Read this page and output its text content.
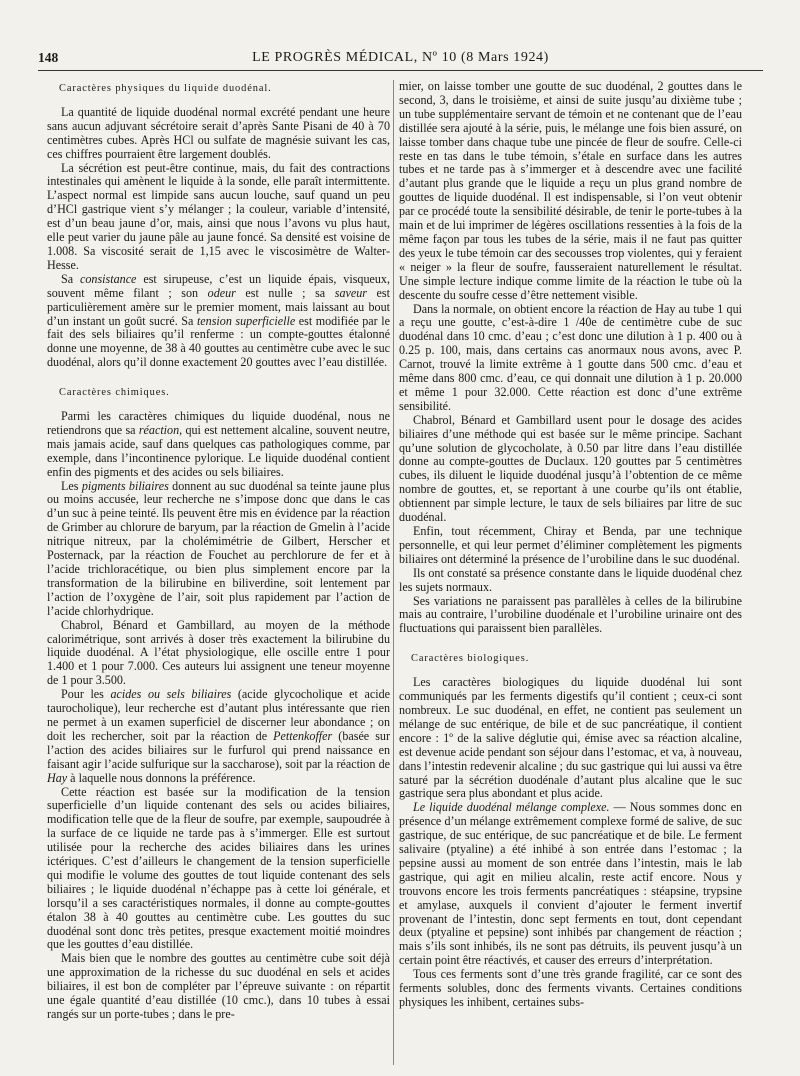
148	LE PROGRÈS MÉDICAL, Nº 10 (8 Mars 1924)
Caractères physiques du liquide duodénal.

La quantité de liquide duodénal normal excrété pendant une heure sans aucun adjuvant sécrétoire serait d’après Sante Pisani de 40 à 70 centimètres cubes. Après HCl ou sulfate de magnésie suivant les cas, ces chiffres pourraient être largement doublés.

La sécrétion est peut-être continue, mais, du fait des contractions intestinales qui amènent le liquide à la sonde, elle paraît intermittente. L’aspect normal est limpide sans aucun louche, sauf quand un peu d’HCl gastrique vient s’y mélanger ; la couleur, variable d’intensité, est d’un beau jaune d’or, mais, ainsi que nous l’avons vu plus haut, elle peut varier du jaune pâle au jaune foncé. Sa densité est voisine de 1.008. Sa viscosité serait de 1,15 avec le viscosimètre de Walter-Hesse.

Sa consistance est sirupeuse, c’est un liquide épais, visqueux, souvent même filant ; son odeur est nulle ; sa saveur est particulièrement amère sur le premier moment, mais laissant au bout d’un instant un goût sucré. Sa tension superficielle est modifiée par le fait des sels biliaires qu’il renferme : un compte-gouttes étalonné donne une moyenne, de 38 à 40 gouttes au centimètre cube avec le suc duodénal, alors qu’il donne exactement 20 gouttes avec l’eau distillée.

Caractères chimiques.

Parmi les caractères chimiques du liquide duodénal, nous ne retiendrons que sa réaction, qui est nettement alcaline, souvent neutre, mais jamais acide, sauf dans quelques cas pathologiques comme, par exemple, dans l’incontinence pylorique. Le liquide duodénal contient enfin des pigments et des acides ou sels biliaires.

Les pigments biliaires donnent au suc duodénal sa teinte jaune plus ou moins accusée, leur recherche ne s’impose donc que dans le cas d’un suc à peine teinté. Ils peuvent être mis en évidence par la réaction de Grimber au chlorure de baryum, par la réaction de Gmelin à l’acide nitrique nitreux, par la cholémimétrie de Gilbert, Herscher et Posternack, par la réaction de Fouchet au perchlorure de fer et à l’acide trichloracétique, ou bien plus simplement encore par la transformation de la bilirubine en biliverdine, soit lentement par l’action de l’oxygène de l’air, soit plus rapidement par l’action de l’acide chlorhydrique.

Chabrol, Bénard et Gambillard, au moyen de la méthode calorimétrique, sont arrivés à doser très exactement la bilirubine du liquide duodénal. A l’état physiologique, elle oscille entre 1 pour 1.400 et 1 pour 7.000. Ces auteurs lui assignent une teneur moyenne de 1 pour 3.500.

Pour les acides ou sels biliaires (acide glycocholique et acide taurocholique), leur recherche est d’autant plus intéressante que rien ne permet à un examen superficiel de discerner leur abondance ; on doit les rechercher, soit par la réaction de Pettenkoffer (basée sur l’action des acides biliaires sur le furfurol qui prend naissance en faisant agir l’acide sulfurique sur la saccharose), soit par la réaction de Hay à laquelle nous donnons la préférence.

Cette réaction est basée sur la modification de la tension superficielle d’un liquide contenant des sels ou acides biliaires, modification telle que de la fleur de soufre, par exemple, saupoudrée à la surface de ce liquide ne tarde pas à s’immerger. Elle est surtout utilisée pour la recherche des acides biliaires dans les urines ictériques. C’est d’ailleurs le changement de la tension superficielle qui modifie le volume des gouttes de tout liquide contenant des sels biliaires ; le liquide duodénal n’échappe pas à cette loi générale, et lorsqu’il a ses caractéristiques normales, il donne au compte-gouttes étalon 38 à 40 gouttes au centimètre cube. Les gouttes du suc duodénal sont donc très petites, presque exactement moitié moindres que les gouttes d’eau distillée.

Mais bien que le nombre des gouttes au centimètre cube soit déjà une approximation de la richesse du suc duodénal en sels et acides biliaires, il est bon de compléter par l’épreuve suivante : on répartit une égale quantité d’eau distillée (10 cmc.), dans 10 tubes à essai rangés sur un porte-tubes ; dans le pre-

mier, on laisse tomber une goutte de suc duodénal, 2 gouttes dans le second, 3, dans le troisième, et ainsi de suite jusqu’au dixième tube ; un tube supplémentaire servant de témoin et ne contenant que de l’eau distillée sera ajouté à la série, puis, le mélange une fois bien assuré, on laisse tomber dans chaque tube une pincée de fleur de soufre. Celle-ci reste en tas dans le tube témoin, s’étale en surface dans les autres tubes et ne tarde pas à s’immerger et à descendre avec une facilité d’autant plus grande que le liquide a reçu un plus grand nombre de gouttes de liquide duodénal. Il est indispensable, si l’on veut obtenir par ce procédé toute la sensibilité désirable, de tenir le porte-tubes à la main et de lui imprimer de légères oscillations ressenties à la fois de la même façon par tous les tubes de la série, mais il ne faut pas quitter des yeux le tube témoin car des secousses trop violentes, qui y feraient « neiger » la fleur de soufre, fausseraient naturellement le résultat. Une simple lecture indique comme limite de la réaction le tube où la descente du soufre cesse d’être nettement visible.

Dans la normale, on obtient encore la réaction de Hay au tube 1 qui a reçu une goutte, c’est-à-dire 1 /40e de centimètre cube de suc duodénal dans 10 cmc. d’eau ; c’est donc une dilution à 1 p. 400 ou à 0.25 p. 100, mais, dans certains cas anormaux nous avons, avec P. Carnot, trouvé la limite extrême à 1 goutte dans 500 cmc. d’eau et même dans 800 cmc. d’eau, ce qui donnait une dilution à 1 p. 20.000 et même 1 pour 32.000. Cette réaction est donc d’une extrême sensibilité.

Chabrol, Bénard et Gambillard usent pour le dosage des acides biliaires d’une méthode qui est basée sur le même principe. Sachant qu’une solution de glycocholate, à 0.50 par litre dans l’eau distillée donne au compte-gouttes de Duclaux. 120 gouttes par 5 centimètres cubes, ils diluent le liquide duodénal jusqu’à l’obtention de ce même nombre de gouttes, et, se reportant à une courbe qu’ils ont établie, obtiennent par simple lecture, le taux de sels biliaires par litre de suc duodénal.

Enfin, tout récemment, Chiray et Benda, par une technique personnelle, et qui leur permet d’éliminer complètement les pigments biliaires ont déterminé la présence de l’urobiline dans le suc duodénal.

Ils ont constaté sa présence constante dans le liquide duodénal chez les sujets normaux.

Ses variations ne paraissent pas parallèles à celles de la bilirubine mais au contraire, l’urobiline duodénale et l’urobiline urinaire ont des fluctuations qui paraissent bien parallèles.

Caractères biologiques.

Les caractères biologiques du liquide duodénal lui sont communiqués par les ferments digestifs qu’il contient ; ceux-ci sont nombreux. Le suc duodénal, en effet, ne contient pas seulement un mélange de suc entérique, de bile et de suc pancréatique, il contient encore : 1º de la salive déglutie qui, émise avec sa réaction alcaline, est devenue acide pendant son séjour dans l’estomac, et va, à nouveau, dans l’intestin redevenir alcaline ; du suc gastrique qui lui aussi va être saturé par la sécrétion duodénale d’autant plus alcaline que le suc gastrique sera plus abondant et plus acide.

Le liquide duodénal mélange complexe. — Nous sommes donc en présence d’un mélange extrêmement complexe formé de salive, de suc gastrique, de suc entérique, de suc pancréatique et de bile. Le ferment salivaire (ptyaline) a été inhibé à son entrée dans l’estomac ; la pepsine aussi au moment de son entrée dans l’intestin, mais le lab gastrique, qui agit en milieu alcalin, reste actif encore. Nous y trouvons encore les trois ferments pancréatiques : stéapsine, trypsine et amylase, auxquels il convient d’ajouter le ferment invertif provenant de l’intestin, donc sept ferments en tout, dont cependant deux (ptyaline et pepsine) sont inhibés par changement de réaction ; mais s’ils sont inhibés, ils ne sont pas détruits, ils peuvent jusqu’à un certain point être réactivés, et causer des erreurs d’interprétation.

Tous ces ferments sont d’une très grande fragilité, car ce sont des ferments solubles, donc des ferments vivants. Certaines conditions physiques les inhibent, certaines subs-
